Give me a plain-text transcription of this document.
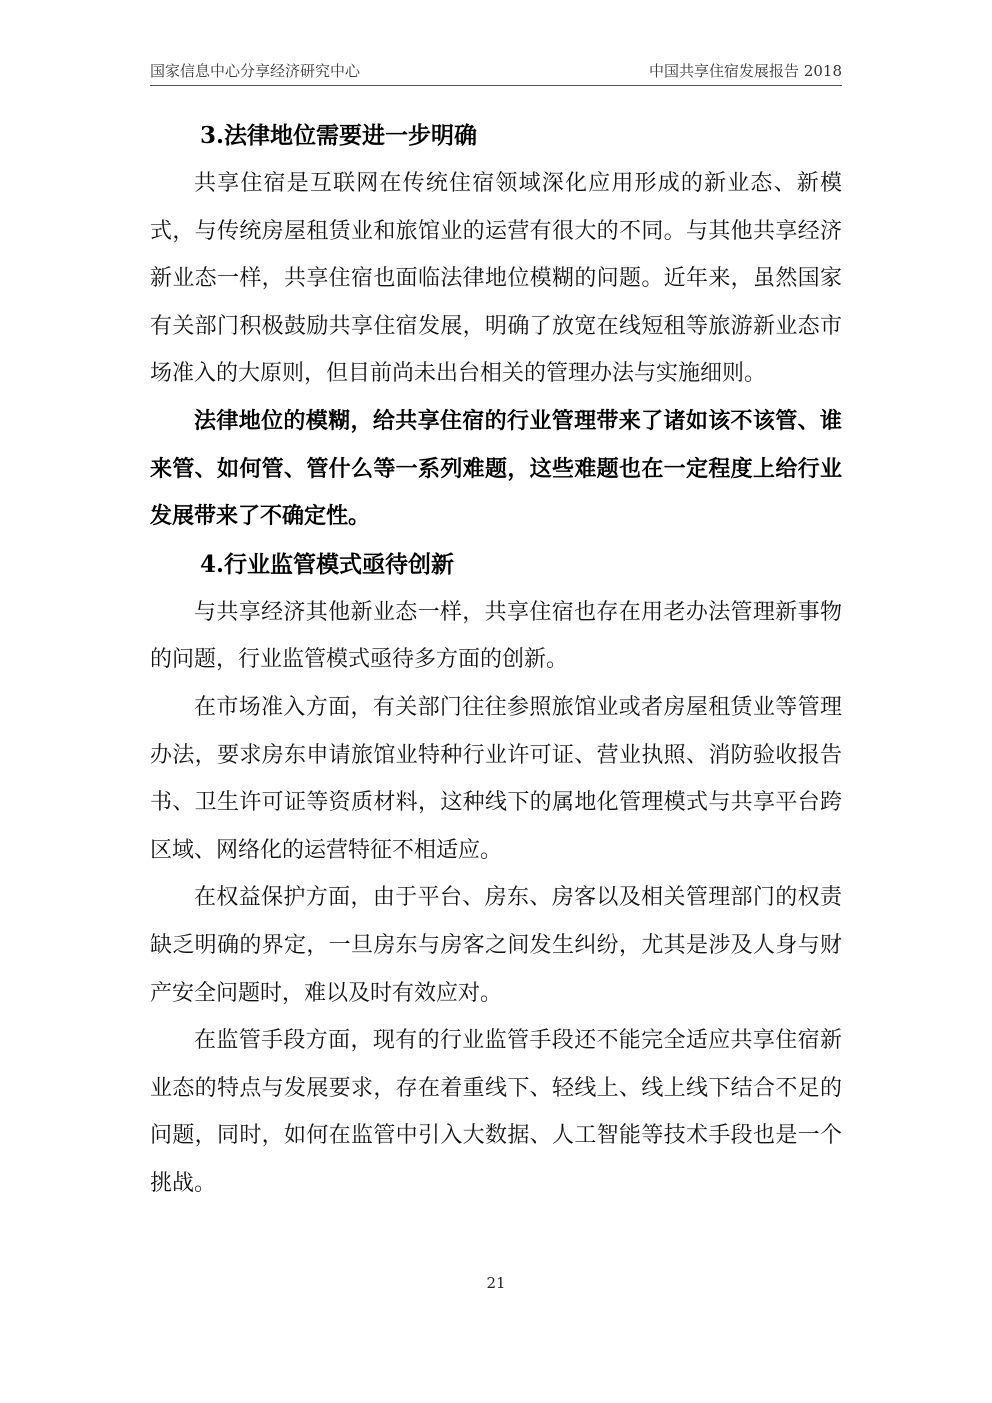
国家信息中心分享经济研究中心	中国共享住宿发展报告 2018
3.法律地位需要进一步明确

共享住宿是互联网在传统住宿领域深化应用形成的新业态、新模式，与传统房屋租赁业和旅馆业的运营有很大的不同。与其他共享经济新业态一样，共享住宿也面临法律地位模糊的问题。近年来，虽然国家有关部门积极鼓励共享住宿发展，明确了放宽在线短租等旅游新业态市场准入的大原则，但目前尚未出台相关的管理办法与实施细则。

法律地位的模糊，给共享住宿的行业管理带来了诸如该不该管、谁来管、如何管、管什么等一系列难题，这些难题也在一定程度上给行业发展带来了不确定性。

4.行业监管模式亟待创新

与共享经济其他新业态一样，共享住宿也存在用老办法管理新事物的问题，行业监管模式亟待多方面的创新。

在市场准入方面，有关部门往往参照旅馆业或者房屋租赁业等管理办法，要求房东申请旅馆业特种行业许可证、营业执照、消防验收报告书、卫生许可证等资质材料，这种线下的属地化管理模式与共享平台跨区域、网络化的运营特征不相适应。

在权益保护方面，由于平台、房东、房客以及相关管理部门的权责缺乏明确的界定，一旦房东与房客之间发生纠纷，尤其是涉及人身与财产安全问题时，难以及时有效应对。

在监管手段方面，现有的行业监管手段还不能完全适应共享住宿新业态的特点与发展要求，存在着重线下、轻线上、线上线下结合不足的问题，同时，如何在监管中引入大数据、人工智能等技术手段也是一个挑战。

21
